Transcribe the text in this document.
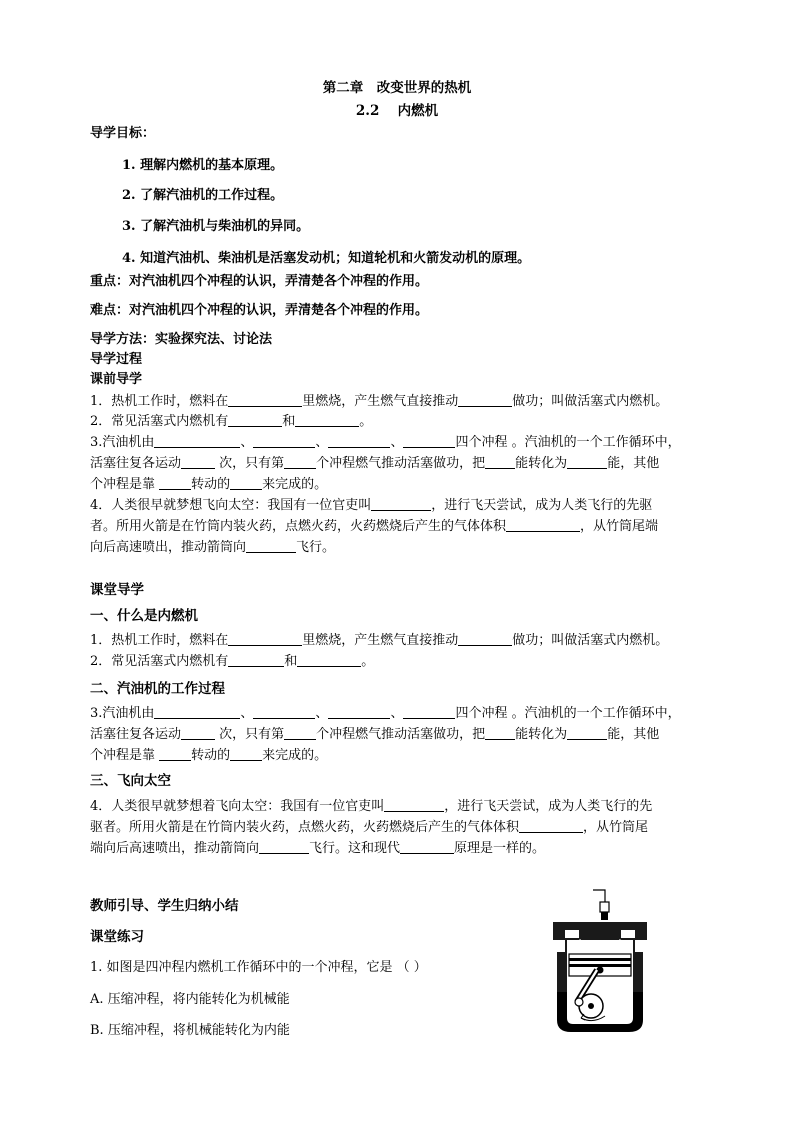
第二章　改变世界的热机
2.2　 内燃机
导学目标：
1. 理解内燃机的基本原理。
2. 了解汽油机的工作过程。
3. 了解汽油机与柴油机的异同。
4. 知道汽油机、柴油机是活塞发动机；知道轮机和火箭发动机的原理。
重点：对汽油机四个冲程的认识，弄清楚各个冲程的作用。
难点：对汽油机四个冲程的认识，弄清楚各个冲程的作用。
导学方法：实验探究法、讨论法
导学过程
课前导学
1．热机工作时，燃料在	里燃烧，产生燃气直接推动	做功；叫做活塞式内燃机。
2．常见活塞式内燃机有	和	。
3.汽油机由	、	、	、	四个冲程 。汽油机的一个工作循环中，
活塞往复各运动	次，只有第 个冲程燃气推动活塞做功，把 能转化为	能，其他
个冲程是靠 转动的 来完成的。
4．人类很早就梦想飞向太空：我国有一位官吏叫	，进行飞天尝试，成为人类飞行的先驱
者。所用火箭是在竹筒内装火药，点燃火药，火药燃烧后产生的气体体积	，从竹筒尾端
向后高速喷出，推动箭筒向	飞行。
课堂导学
一、什么是内燃机
1．热机工作时，燃料在	里燃烧，产生燃气直接推动	做功；叫做活塞式内燃机。
2．常见活塞式内燃机有	和	。
二、汽油机的工作过程
3.汽油机由	、	、	、	四个冲程 。汽油机的一个工作循环中，
活塞往复各运动	次，只有第 个冲程燃气推动活塞做功，把 能转化为	能，其他
个冲程是靠 转动的 来完成的。
三、飞向太空
4．人类很早就梦想着飞向太空：我国有一位官吏叫	，进行飞天尝试，成为人类飞行的先
驱者。所用火箭是在竹筒内装火药，点燃火药，火药燃烧后产生的气体体积	，从竹筒尾
端向后高速喷出，推动箭筒向	飞行。这和现代	原理是一样的。
教师引导、学生归纳小结
课堂练习
1. 如图是四冲程内燃机工作循环中的一个冲程，它是 （ ）
A. 压缩冲程，将内能转化为机械能
B. 压缩冲程，将机械能转化为内能
